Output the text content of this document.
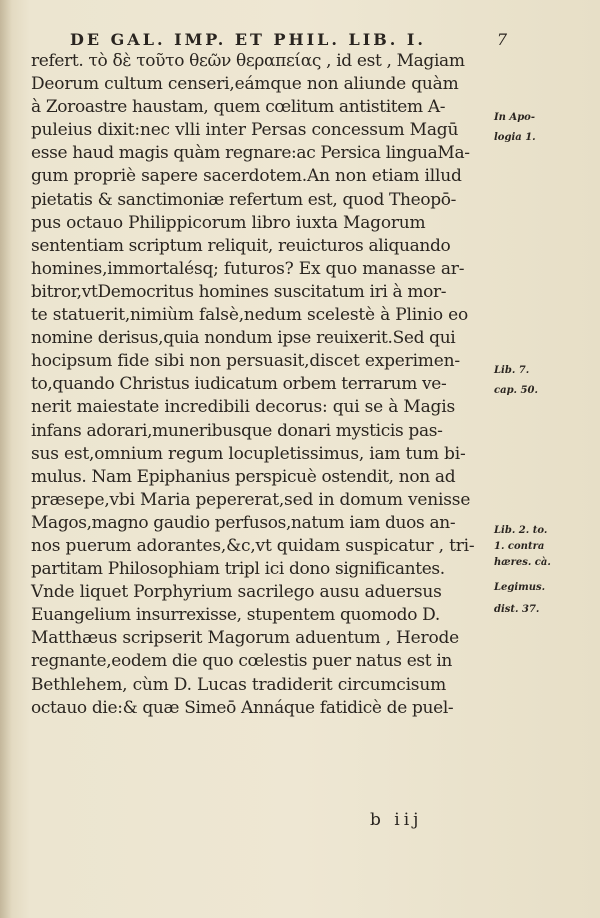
DE GAL. IMP. ET PHIL. LIB. I.	7
refert. τὸ δὲ τοῦτο θεῶν θεραπείας , id est , Magiam
Deorum cultum censeri,eámque non aliunde quàm
à Zoroastre haustam, quem cœlitum antistitem A-
puleius dixit:nec vlli inter Persas concessum Magū
esse haud magis quàm regnare:ac Persica linguaMa-
gum propriè sapere sacerdotem.An non etiam illud
pietatis & sanctimoniæ refertum est, quod Theopō-
pus octauo Philippicorum libro iuxta Magorum
sententiam scriptum reliquit, reuicturos aliquando
homines,immortalésq; futuros? Ex quo manasse ar-
bitror,vtDemocritus homines suscitatum iri à mor-
te statuerit,nimiùm falsè,nedum scelestè à Plinio eo
nomine derisus,quia nondum ipse reuixerit.Sed qui
hocipsum fide sibi non persuasit,discet experimen-
to,quando Christus iudicatum orbem terrarum ve-
nerit maiestate incredibili decorus: qui se à Magis
infans adorari,muneribusque donari mysticis pas-
sus est,omnium regum locupletissimus, iam tum bi-
mulus. Nam Epiphanius perspicuè ostendit, non ad
præsepe,vbi Maria pepererat,sed in domum venisse
Magos,magno gaudio perfusos,natum iam duos an-
nos puerum adorantes,&c,vt quidam suspicatur , tri-
partitam Philosophiam tripl ici dono significantes.
Vnde liquet Porphyrium sacrilego ausu aduersus
Euangelium insurrexisse, stupentem quomodo D.
Matthæus scripserit Magorum aduentum , Herode
regnante,eodem die quo cœlestis puer natus est in
Bethlehem, cùm D. Lucas tradiderit circumcisum
octauo die:& quæ Simeō Annáque fatidicè de puel-
In Apo-
logia 1.
Lib. 7.
cap. 50.
Lib. 2. to.
1. contra
hæres. cà.
Legimus.
dist. 37.
b iij
